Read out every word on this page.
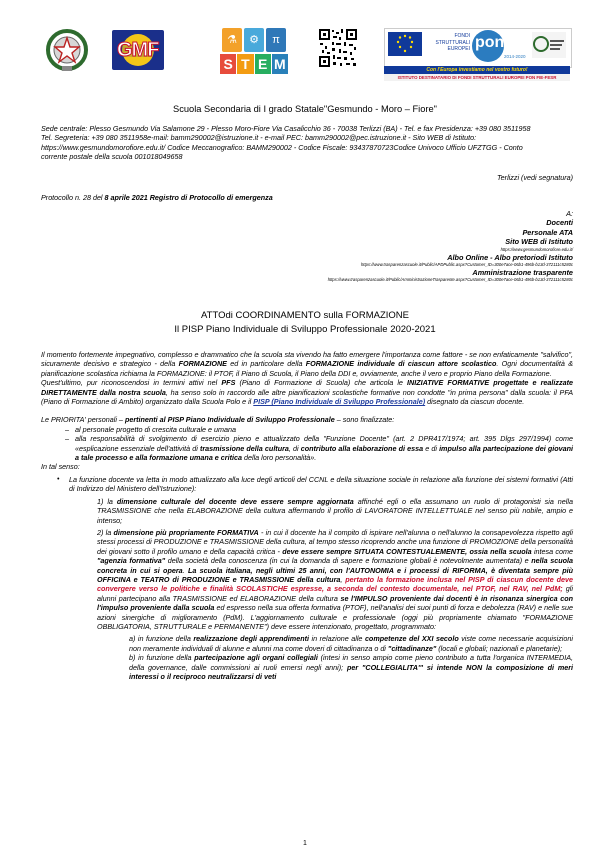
GMF	⚗	⚙	π
S T E M
FONDI
STRUTTURALI
EUROPEI pon
2014-2020
Con l'Europa investiamo nel vostro futuro!
ISTITUTO DESTINATARIO DI FONDI STRUTTURALI EUROPEI PON FIE-FESR
Scuola Secondaria di I grado Statale"Gesmundo - Moro – Fiore"
Sede centrale: Plesso Gesmundo Via Salamone 29 - Plesso Moro-Fiore Via Casalicchio 36 - 70038 Terlizzi (BA) - Tel. e fax Presidenza: +39 080 3511958
Tel. Segreteria: +39 080 3511958e-mail: bamm290002@istruzione.it - e-mail PEC: bamm290002@pec.istruzione.it - Sito WEB di Istituto:
https://www.gesmundomorofiore.edu.it/ Codice Meccanografico: BAMM290002 - Codice Fiscale: 93437870723Codice Univoco Ufficio UFZTGG - Conto
corrente postale della scuola 001018049658
Terlizzi (vedi segnatura)
Protocollo n. 28 del 8 aprile 2021 Registro di Protocollo di emergenza
A:
Docenti
Personale ATA
Sito WEB di Istituto
https://www.gesmundomorofiore.edu.it/
Albo Online - Albo pretoriodi Istituto
https://www.trasparenzascuole.it/Public/APDPublic.aspx?Customer_ID=300e7ace-06b1-496b-b13d-372111c5280c
Amministrazione trasparente
https://www.trasparenzascuole.it/Public/AmministrazioneTrasparente.aspx?Customer_ID=300e7ace-06b1-496b-b13d-372111c5280c
ATTOdi COORDINAMENTO sulla FORMAZIONE
Il PISP Piano Individuale di Sviluppo Professionale 2020-2021

Il momento fortemente impegnativo, complesso e drammatico che la scuola sta vivendo ha fatto emergere l'importanza come fattore - se non enfaticamente "salvifico", sicuramente decisivo e strategico - della FORMAZIONE ed in particolare della FORMAZIONE individuale di ciascun attore scolastico. Ogni documentalità & pianificazione scolastica richiama la FORMAZIONE: il PTOF, il Piano di Scuola, il Piano della DDI e, ovviamente, anche il vero e proprio Piano della Formazione.

Quest'ultimo, pur riconoscendosi in termini attivi nel PFS (Piano di Formazione di Scuola) che articola le INIZIATIVE FORMATIVE progettate e realizzate DIRETTAMENTE dalla nostra scuola, ha senso solo in raccordo alle altre pianificazioni scolastiche formative non condotte "in prima persona" dalla scuola: il PFA (Piano di Formazione di Ambito) organizzato dalla Scuola Polo e il PISP (Piano Individuale di Sviluppo Professionale) disegnato da ciascun docente.

Le PRIORITA' personali – pertinenti al PISP Piano Individuale di Sviluppo Professionale – sono finalizzate:

– al personale progetto di crescita culturale e umana
– alla responsabilità di svolgimento di esercizio pieno e attualizzato della "Funzione Docente" (art. 2 DPR417/1974; art. 395 Dlgs 297/1994) come «esplicazione essenziale dell'attività di trasmissione della cultura, di contributo alla elaborazione di essa e di impulso alla partecipazione dei giovani a tale processo e alla formazione umana e critica della loro personalità».

In tal senso:

• La funzione docente va letta in modo attualizzato alla luce degli articoli del CCNL e della situazione sociale in relazione alla funzione dei sistemi formativi (Atti di Indirizzo del Ministero dell'Istruzione):
1) la dimensione culturale del docente deve essere sempre aggiornata affinché egli o ella assumano un ruolo di protagonisti sia nella TRASMISSIONE che nella ELABORAZIONE della cultura affermando il profilo di LAVORATORE INTELLETTUALE nel senso più nobile, ampio e intenso;
2) la dimensione più propriamente FORMATIVA - in cui il docente ha il compito di ispirare nell'alunna o nell'alunno la consapevolezza rispetto agli stessi processi di PRODUZIONE e TRASMISSIONE della cultura, al tempo stesso ricoprendo anche una funzione di PROMOZIONE della personalità dei giovani sotto il profilo umano e della capacità critica - deve essere sempre SITUATA CONTESTUALEMENTE, ossia nella scuola intesa come "agenzia formativa" della società della conoscenza (in cui la domanda di sapere e formazione globali è notevolmente aumentata) e nella scuola concreta in cui si opera. La scuola italiana, negli ultimi 25 anni, con l'AUTONOMIA e i processi di RIFORMA, è diventata sempre più OFFICINA e TEATRO di PRODUZIONE e TRASMISSIONE della cultura, pertanto la formazione inclusa nel PISP di ciascun docente deve convergere verso le politiche e finalità SCOLASTICHE espresse, a seconda del contesto documentale, nel PTOF, nel RAV, nel PdM; gli alunni partecipano alla TRASMISSIONE ed ELABORAZIONE della cultura se l'IMPULSO proveniente dai docenti è in risonanza sinergica con l'impulso proveniente dalla scuola ed espresso nella sua offerta formativa (PTOF), nell'analisi dei suoi punti di forza e debolezza (RAV) e nelle sue azioni sinergiche di miglioramento (PdM). L'aggiornamento culturale e professionale (oggi più propriamente chiamato "FORMAZIONE OBBLIGATORIA, STRUTTURALE e PERMANENTE") deve essere intenzionato, progettato, programmato:
a) in funzione della realizzazione degli apprendimenti in relazione alle competenze del XXI secolo viste come necessarie acquisizioni non meramente individuali di alunne e alunni ma come doveri di cittadinanza o di "cittadinanze" (locali e globali; nazionali e planetarie);
b) in funzione della partecipazione agli organi collegiali (intesi in senso ampio come pieno contributo a tutta l'organica INTERMEDIA, della governance, dalle commissioni ai ruoli emersi negli anni); per "COLLEGIALITA'" si intende NON la composizione di meri interessi o il reciproco neutralizzarsi di veti
1
